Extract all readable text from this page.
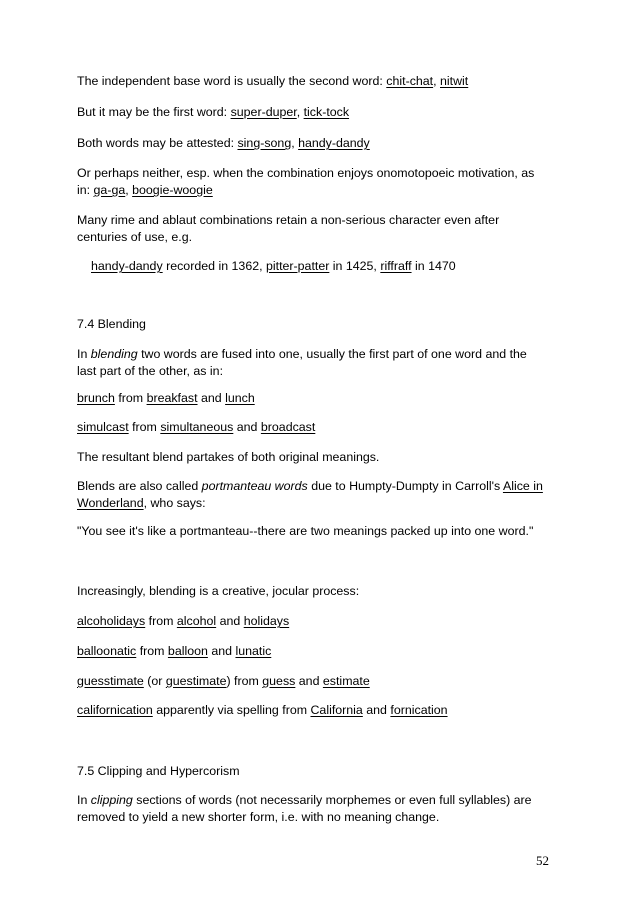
The independent base word is usually the second word: chit-chat, nitwit
But it may be the first word: super-duper, tick-tock
Both words may be attested: sing-song, handy-dandy
Or perhaps neither, esp. when the combination enjoys onomotopoeic motivation, as
in: ga-ga, boogie-woogie
Many rime and ablaut combinations retain a non-serious character even after
centuries of use, e.g.
handy-dandy recorded in 1362, pitter-patter in 1425, riffraff in 1470
7.4 Blending
In blending two words are fused into one, usually the first part of one word and the
last part of the other, as in:
brunch from breakfast and lunch
simulcast from simultaneous and broadcast
The resultant blend partakes of both original meanings.
Blends are also called portmanteau words due to Humpty-Dumpty in Carroll's Alice in
Wonderland, who says:
"You see it's like a portmanteau--there are two meanings packed up into one word."
Increasingly, blending is a creative, jocular process:
alcoholidays from alcohol and holidays
balloonatic from balloon and lunatic
guesstimate (or guestimate) from guess and estimate
californication apparently via spelling from California and fornication
7.5 Clipping and Hypercorism
In clipping sections of words (not necessarily morphemes or even full syllables) are
removed to yield a new shorter form, i.e. with no meaning change.
52
